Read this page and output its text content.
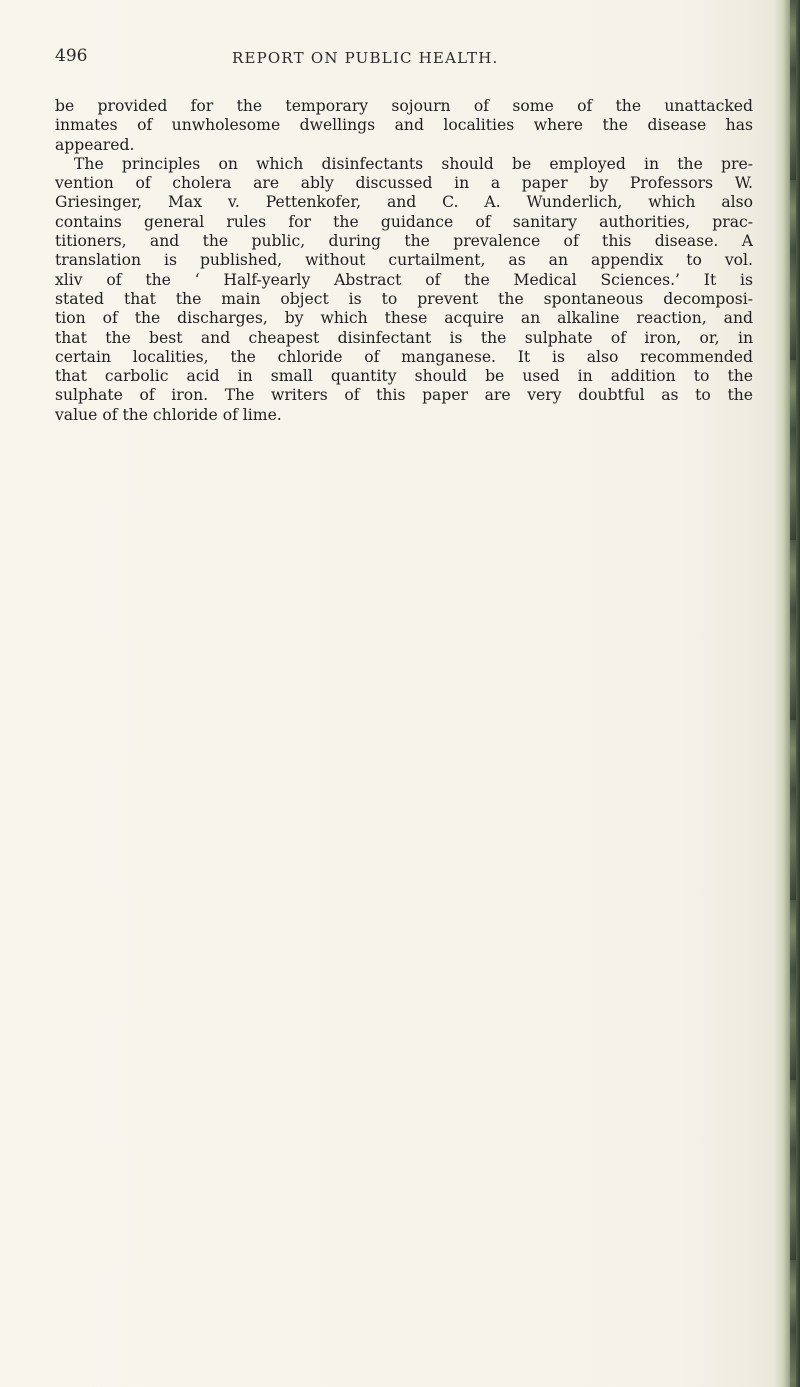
496	REPORT ON PUBLIC HEALTH.
be provided for the temporary sojourn of some of the unattacked
inmates of unwholesome dwellings and localities where the disease has
appeared.
The principles on which disinfectants should be employed in the pre-
vention of cholera are ably discussed in a paper by Professors W.
Griesinger, Max v. Pettenkofer, and C. A. Wunderlich, which also
contains general rules for the guidance of sanitary authorities, prac-
titioners, and the public, during the prevalence of this disease. A
translation is published, without curtailment, as an appendix to vol.
xliv of the ‘ Half-yearly Abstract of the Medical Sciences.’ It is
stated that the main object is to prevent the spontaneous decomposi-
tion of the discharges, by which these acquire an alkaline reaction, and
that the best and cheapest disinfectant is the sulphate of iron, or, in
certain localities, the chloride of manganese. It is also recommended
that carbolic acid in small quantity should be used in addition to the
sulphate of iron. The writers of this paper are very doubtful as to the
value of the chloride of lime.
